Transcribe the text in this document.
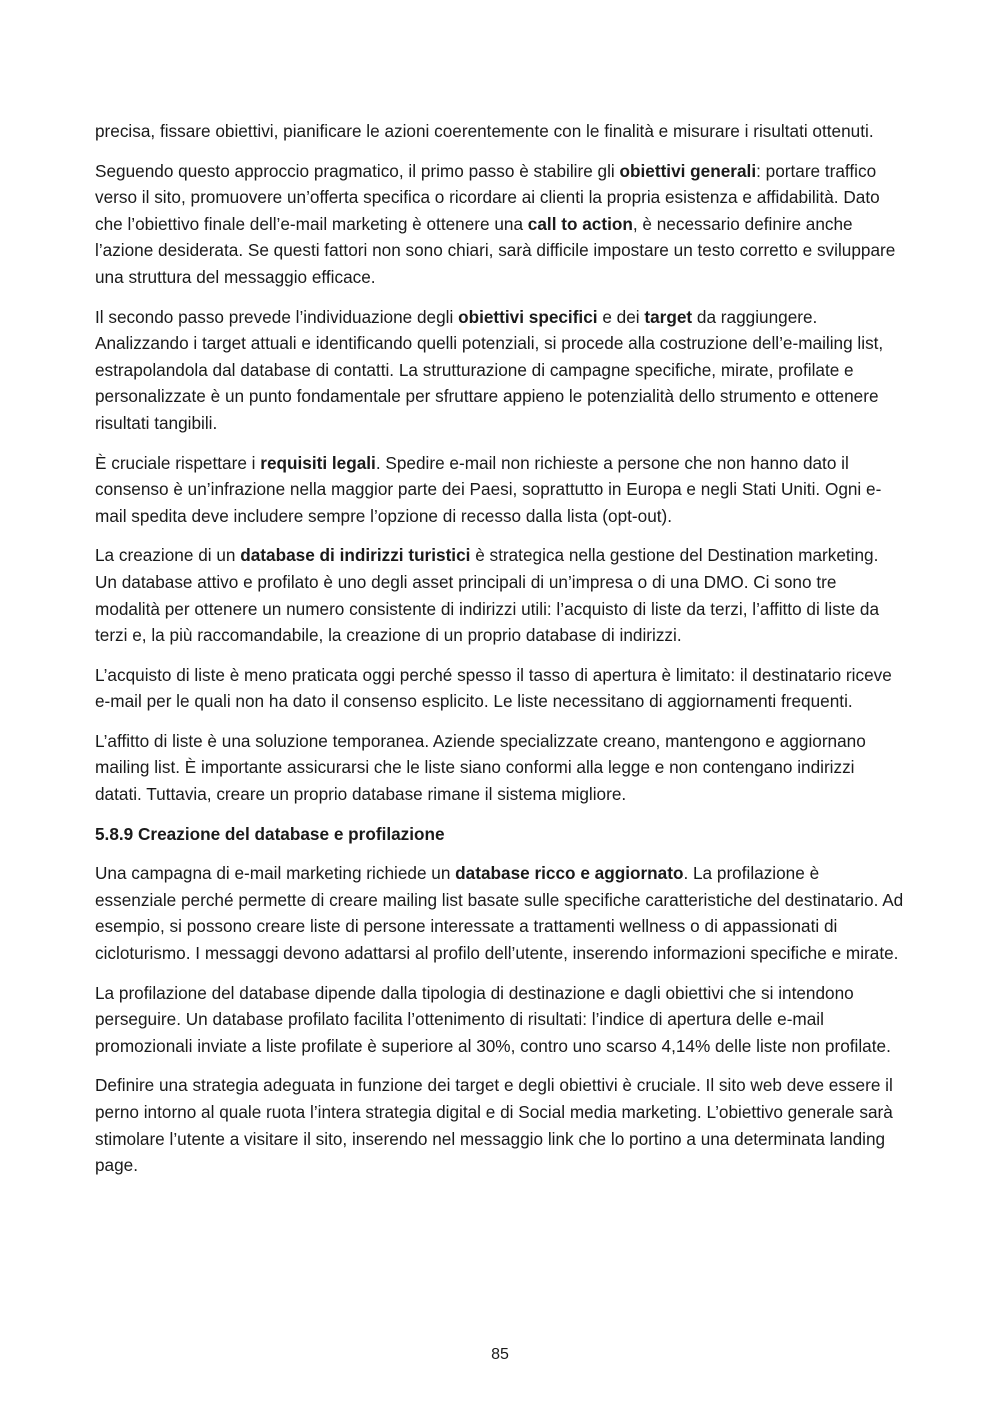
precisa, fissare obiettivi, pianificare le azioni coerentemente con le finalità e misurare i risultati ottenuti.

Seguendo questo approccio pragmatico, il primo passo è stabilire gli obiettivi generali: portare traffico verso il sito, promuovere un’offerta specifica o ricordare ai clienti la propria esistenza e affidabilità. Dato che l’obiettivo finale dell’e-mail marketing è ottenere una call to action, è necessario definire anche l’azione desiderata. Se questi fattori non sono chiari, sarà difficile impostare un testo corretto e sviluppare una struttura del messaggio efficace.

Il secondo passo prevede l’individuazione degli obiettivi specifici e dei target da raggiungere. Analizzando i target attuali e identificando quelli potenziali, si procede alla costruzione dell’e-mailing list, estrapolandola dal database di contatti. La strutturazione di campagne specifiche, mirate, profilate e personalizzate è un punto fondamentale per sfruttare appieno le potenzialità dello strumento e ottenere risultati tangibili.

È cruciale rispettare i requisiti legali. Spedire e-mail non richieste a persone che non hanno dato il consenso è un’infrazione nella maggior parte dei Paesi, soprattutto in Europa e negli Stati Uniti. Ogni e-mail spedita deve includere sempre l’opzione di recesso dalla lista (opt-out).

La creazione di un database di indirizzi turistici è strategica nella gestione del Destination marketing. Un database attivo e profilato è uno degli asset principali di un’impresa o di una DMO. Ci sono tre modalità per ottenere un numero consistente di indirizzi utili: l’acquisto di liste da terzi, l’affitto di liste da terzi e, la più raccomandabile, la creazione di un proprio database di indirizzi.

L’acquisto di liste è meno praticata oggi perché spesso il tasso di apertura è limitato: il destinatario riceve e-mail per le quali non ha dato il consenso esplicito. Le liste necessitano di aggiornamenti frequenti.

L’affitto di liste è una soluzione temporanea. Aziende specializzate creano, mantengono e aggiornano mailing list. È importante assicurarsi che le liste siano conformi alla legge e non contengano indirizzi datati. Tuttavia, creare un proprio database rimane il sistema migliore.

5.8.9 Creazione del database e profilazione

Una campagna di e-mail marketing richiede un database ricco e aggiornato. La profilazione è essenziale perché permette di creare mailing list basate sulle specifiche caratteristiche del destinatario. Ad esempio, si possono creare liste di persone interessate a trattamenti wellness o di appassionati di cicloturismo. I messaggi devono adattarsi al profilo dell’utente, inserendo informazioni specifiche e mirate.

La profilazione del database dipende dalla tipologia di destinazione e dagli obiettivi che si intendono perseguire. Un database profilato facilita l’ottenimento di risultati: l’indice di apertura delle e-mail promozionali inviate a liste profilate è superiore al 30%, contro uno scarso 4,14% delle liste non profilate.

Definire una strategia adeguata in funzione dei target e degli obiettivi è cruciale. Il sito web deve essere il perno intorno al quale ruota l’intera strategia digital e di Social media marketing. L’obiettivo generale sarà stimolare l’utente a visitare il sito, inserendo nel messaggio link che lo portino a una determinata landing page.

85
